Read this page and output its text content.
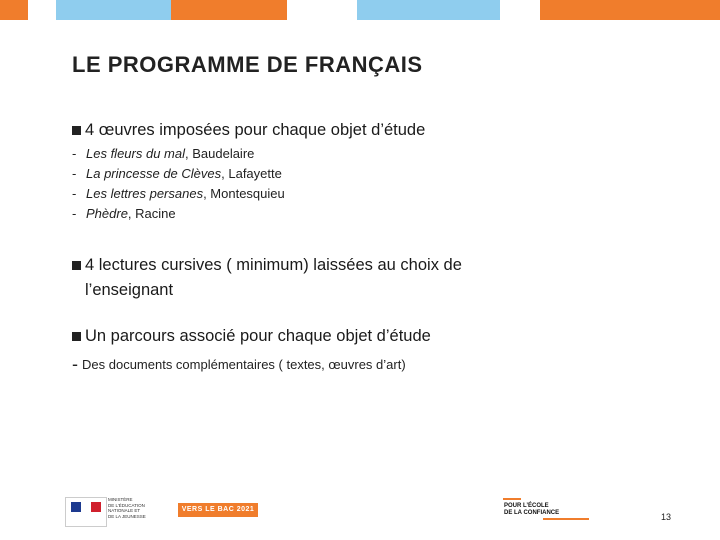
LE PROGRAMME DE FRANÇAIS
4 œuvres imposées pour chaque objet d’étude
- Les fleurs du mal, Baudelaire
- La princesse de Clèves, Lafayette
- Les lettres persanes, Montesquieu
- Phèdre, Racine
4 lectures cursives ( minimum) laissées au choix de l’enseignant
Un parcours associé pour chaque objet d’étude
- Des documents complémentaires ( textes, œuvres d’art)
MINISTÈRE
DE L’ÉDUCATION
NATIONALE ET
DE LA JEUNESSE
VERS LE BAC 2021	POUR L’ÉCOLE
DE LA CONFIANCE	13
